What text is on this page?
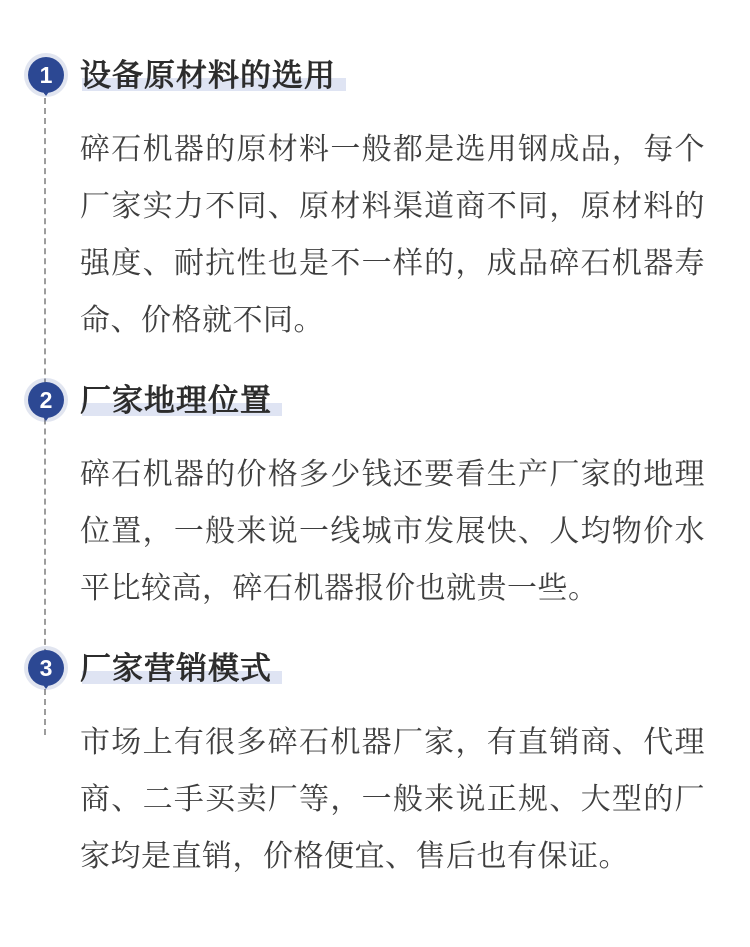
1 设备原材料的选用

碎石机器的原材料一般都是选用钢成品，每个厂家实力不同、原材料渠道商不同，原材料的强度、耐抗性也是不一样的，成品碎石机器寿命、价格就不同。

2 厂家地理位置

碎石机器的价格多少钱还要看生产厂家的地理位置，一般来说一线城市发展快、人均物价水平比较高，碎石机器报价也就贵一些。

3 厂家营销模式

市场上有很多碎石机器厂家，有直销商、代理商、二手买卖厂等，一般来说正规、大型的厂家均是直销，价格便宜、售后也有保证。
